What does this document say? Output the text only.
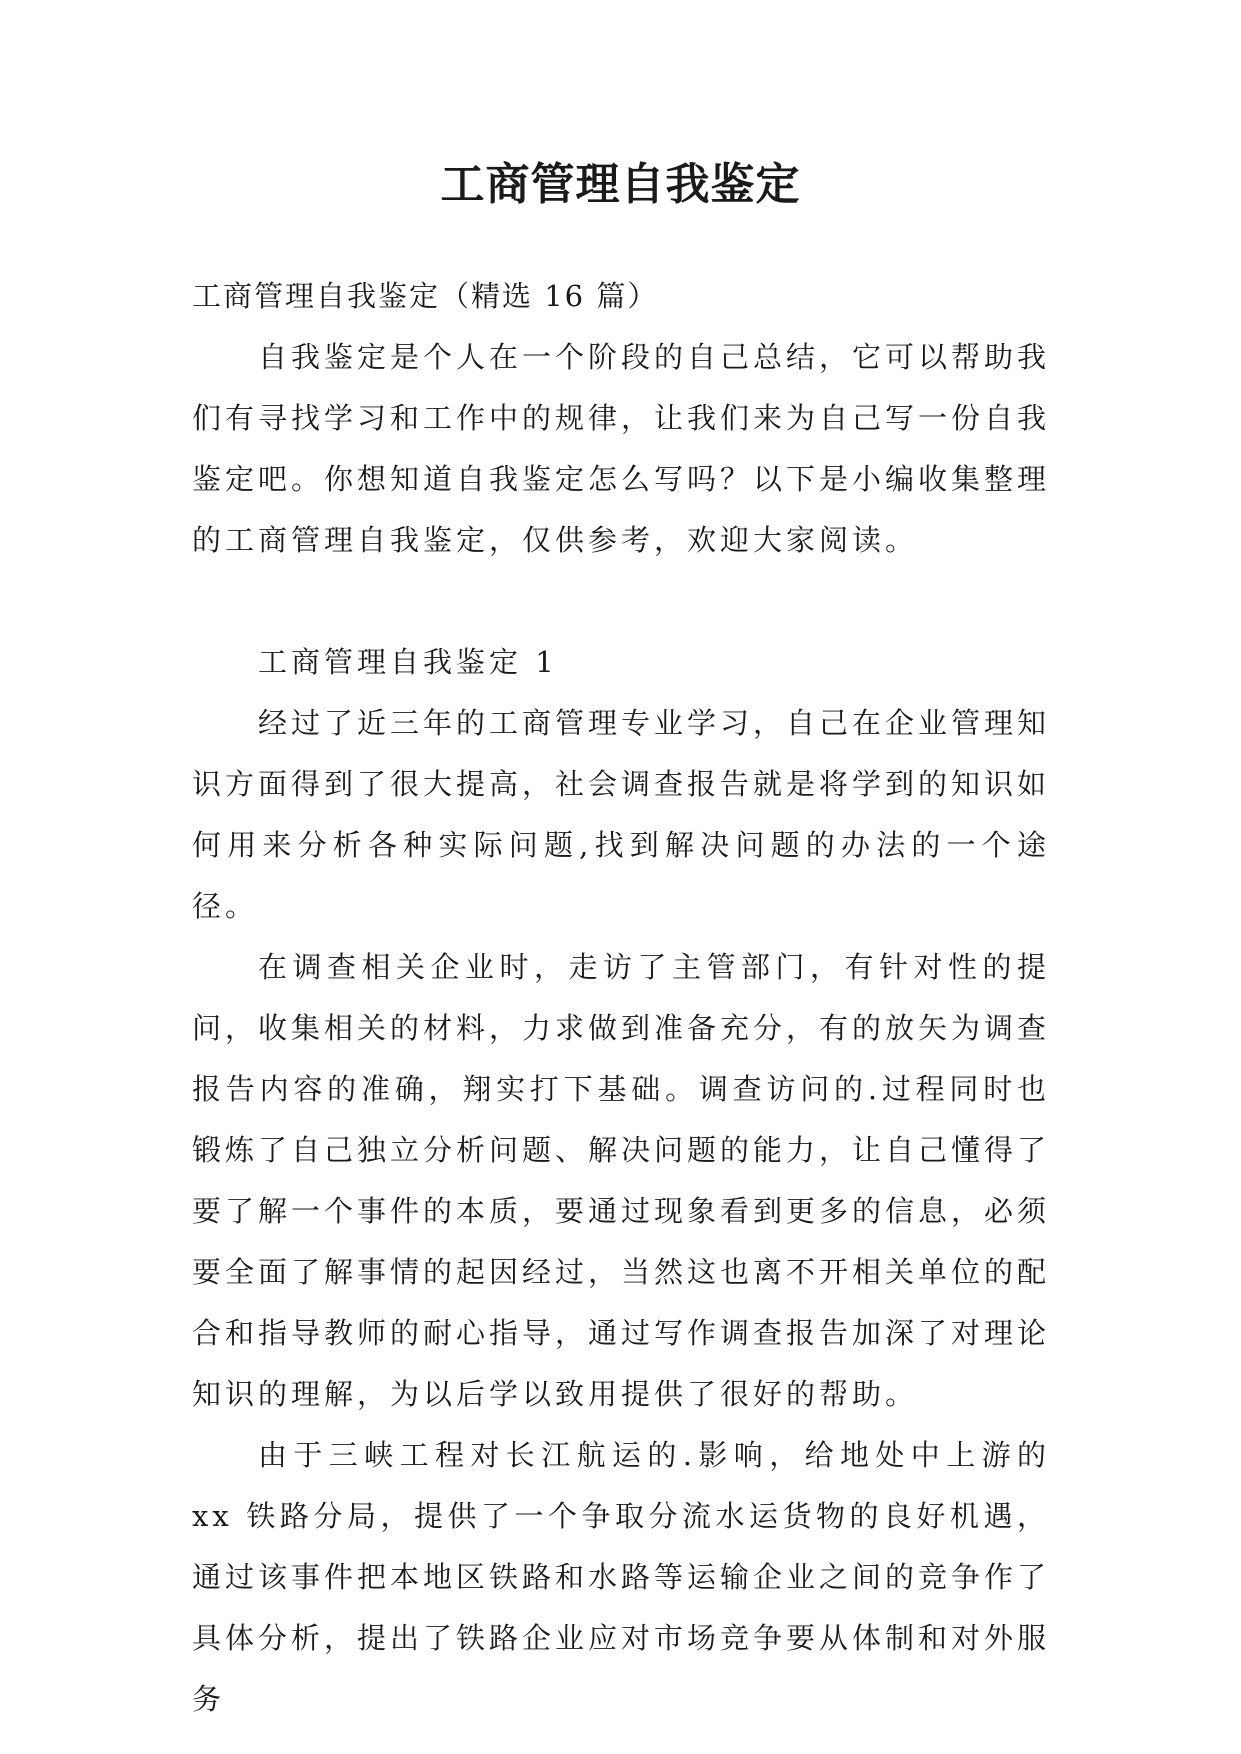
工商管理自我鉴定

工商管理自我鉴定（精选 16 篇）

自我鉴定是个人在一个阶段的自己总结，它可以帮助我们有寻找学习和工作中的规律，让我们来为自己写一份自我鉴定吧。你想知道自我鉴定怎么写吗？以下是小编收集整理的工商管理自我鉴定，仅供参考，欢迎大家阅读。

工商管理自我鉴定 1

经过了近三年的工商管理专业学习，自己在企业管理知识方面得到了很大提高，社会调查报告就是将学到的知识如何用来分析各种实际问题,找到解决问题的办法的一个途径。

在调查相关企业时，走访了主管部门，有针对性的提问，收集相关的材料，力求做到准备充分，有的放矢为调查报告内容的准确，翔实打下基础。调查访问的.过程同时也锻炼了自己独立分析问题、解决问题的能力，让自己懂得了要了解一个事件的本质，要通过现象看到更多的信息，必须要全面了解事情的起因经过，当然这也离不开相关单位的配合和指导教师的耐心指导，通过写作调查报告加深了对理论知识的理解，为以后学以致用提供了很好的帮助。

由于三峡工程对长江航运的.影响，给地处中上游的 xx 铁路分局，提供了一个争取分流水运货物的良好机遇，通过该事件把本地区铁路和水路等运输企业之间的竞争作了具体分析，提出了铁路企业应对市场竞争要从体制和对外服务
